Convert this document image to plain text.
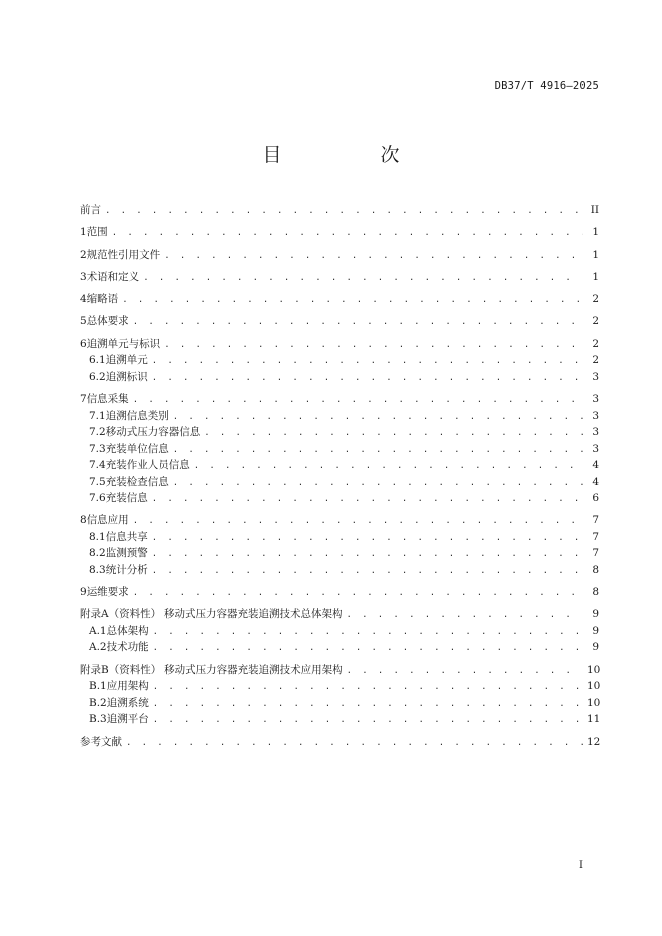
DB37/T 4916—2025
目　次
前言 . . .	II
1 范围 . . .	1
2 规范性引用文件 . . .	1
3 术语和定义 . . .	1
4 缩略语 . . .	2
5 总体要求 . . .	2
6 追溯单元与标识 . . .	2
6.1 追溯单元 . . .	2
6.2 追溯标识 . . .	3
7 信息采集 . . .	3
7.1 追溯信息类别 . . .	3
7.2 移动式压力容器信息 . . .	3
7.3 充装单位信息 . . .	3
7.4 充装作业人员信息 . . .	4
7.5 充装检查信息 . . .	4
7.6 充装信息 . . .	6
8 信息应用 . . .	7
8.1 信息共享 . . .	7
8.2 监测预警 . . .	7
8.3 统计分析 . . .	8
9 运维要求 . . .	8
附录A（资料性） 移动式压力容器充装追溯技术总体架构 . . .	9
A.1 总体架构 . . .	9
A.2 技术功能 . . .	9
附录B（资料性） 移动式压力容器充装追溯技术应用架构 . . .	10
B.1 应用架构 . . .	10
B.2 追溯系统 . . .	10
B.3 追溯平台 . . .	11
参考文献 . . .	12
I
